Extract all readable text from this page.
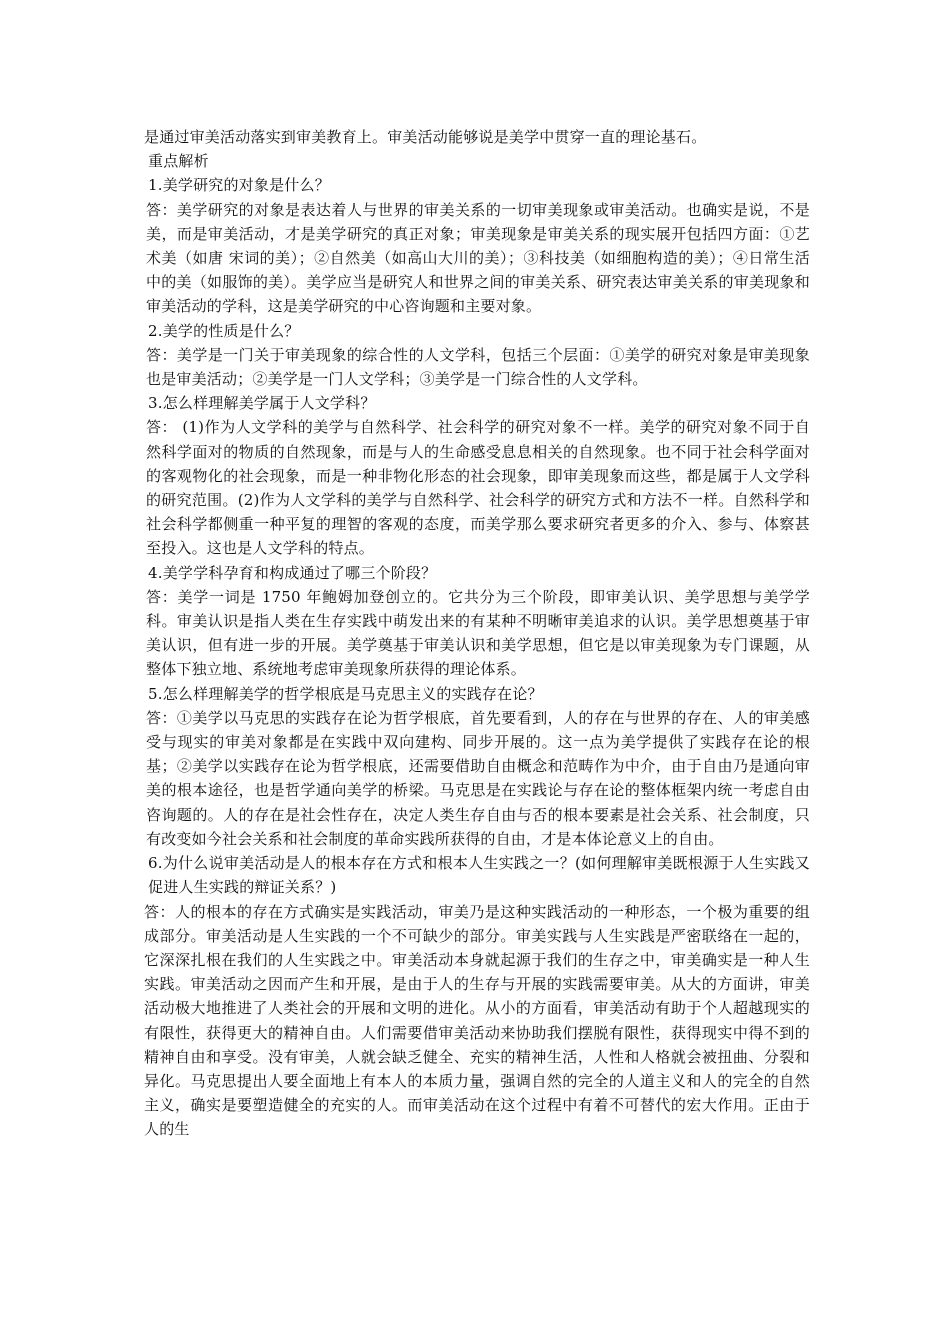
是通过审美活动落实到审美教育上。审美活动能够说是美学中贯穿一直的理论基石。

重点解析

1.美学研究的对象是什么？

答：美学研究的对象是表达着人与世界的审美关系的一切审美现象或审美活动。也确实是说，不是美，而是审美活动，才是美学研究的真正对象；审美现象是审美关系的现实展开包括四方面：①艺术美（如唐 宋词的美）；②自然美（如高山大川的美）；③科技美（如细胞构造的美）；④日常生活中的美（如服饰的美）。美学应当是研究人和世界之间的审美关系、研究表达审美关系的审美现象和审美活动的学科，这是美学研究的中心咨询题和主要对象。

2.美学的性质是什么？

答：美学是一门关于审美现象的综合性的人文学科，包括三个层面：①美学的研究对象是审美现象也是审美活动；②美学是一门人文学科；③美学是一门综合性的人文学科。

3.怎么样理解美学属于人文学科？

答： (1)作为人文学科的美学与自然科学、社会科学的研究对象不一样。美学的研究对象不同于自然科学面对的物质的自然现象，而是与人的生命感受息息相关的自然现象。也不同于社会科学面对的客观物化的社会现象，而是一种非物化形态的社会现象，即审美现象而这些，都是属于人文学科的研究范围。(2)作为人文学科的美学与自然科学、社会科学的研究方式和方法不一样。自然科学和社会科学都侧重一种平复的理智的客观的态度，而美学那么要求研究者更多的介入、参与、体察甚至投入。这也是人文学科的特点。

4.美学学科孕育和构成通过了哪三个阶段？

答：美学一词是 1750 年鲍姆加登创立的。它共分为三个阶段，即审美认识、美学思想与美学学科。审美认识是指人类在生存实践中萌发出来的有某种不明晰审美追求的认识。美学思想奠基于审美认识，但有进一步的开展。美学奠基于审美认识和美学思想，但它是以审美现象为专门课题，从整体下独立地、系统地考虑审美现象所获得的理论体系。

5.怎么样理解美学的哲学根底是马克思主义的实践存在论？

答：①美学以马克思的实践存在论为哲学根底，首先要看到，人的存在与世界的存在、人的审美感受与现实的审美对象都是在实践中双向建构、同步开展的。这一点为美学提供了实践存在论的根基；②美学以实践存在论为哲学根底，还需要借助自由概念和范畴作为中介，由于自由乃是通向审美的根本途径，也是哲学通向美学的桥梁。马克思是在实践论与存在论的整体框架内统一考虑自由咨询题的。人的存在是社会性存在，决定人类生存自由与否的根本要素是社会关系、社会制度，只有改变如今社会关系和社会制度的革命实践所获得的自由，才是本体论意义上的自由。

6.为什么说审美活动是人的根本存在方式和根本人生实践之一？(如何理解审美既根源于人生实践又促进人生实践的辩证关系？)

答：人的根本的存在方式确实是实践活动，审美乃是这种实践活动的一种形态，一个极为重要的组成部分。审美活动是人生实践的一个不可缺少的部分。审美实践与人生实践是严密联络在一起的，它深深扎根在我们的人生实践之中。审美活动本身就起源于我们的生存之中，审美确实是一种人生实践。审美活动之因而产生和开展，是由于人的生存与开展的实践需要审美。从大的方面讲，审美活动极大地推进了人类社会的开展和文明的进化。从小的方面看，审美活动有助于个人超越现实的有限性，获得更大的精神自由。人们需要借审美活动来协助我们摆脱有限性，获得现实中得不到的精神自由和享受。没有审美，人就会缺乏健全、充实的精神生活，人性和人格就会被扭曲、分裂和异化。马克思提出人要全面地上有本人的本质力量，强调自然的完全的人道主义和人的完全的自然主义，确实是要塑造健全的充实的人。而审美活动在这个过程中有着不可替代的宏大作用。正由于人的生
